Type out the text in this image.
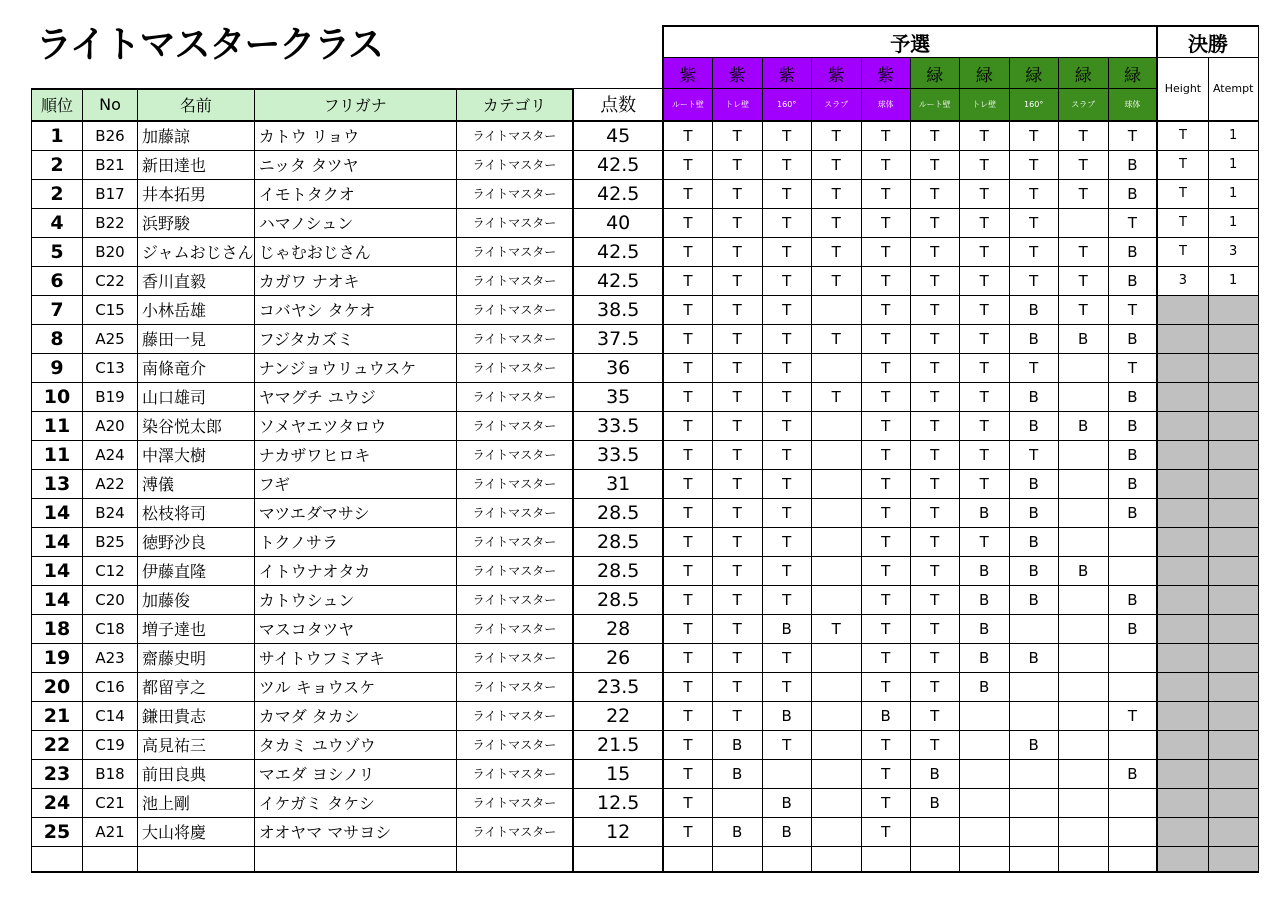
ライトマスタークラス
						予選										決勝	
						紫	紫	紫	紫	紫	緑	緑	緑	緑	緑	Height	Atempt
順位	No	名前	フリガナ	カテゴリ	点数	ルート壁	トレ壁	160°	スラブ	球体	ルート壁	トレ壁	160°	スラブ	球体		
1	B26	加藤諒	カトウ リョウ	ライトマスター	45	T	T	T	T	T	T	T	T	T	T	T	1
2	B21	新田達也	ニッタ タツヤ	ライトマスター	42.5	T	T	T	T	T	T	T	T	T	B	T	1
2	B17	井本拓男	イモトタクオ	ライトマスター	42.5	T	T	T	T	T	T	T	T	T	B	T	1
4	B22	浜野駿	ハマノシュン	ライトマスター	40	T	T	T	T	T	T	T	T		T	T	1
5	B20	ジャムおじさん	じゃむおじさん	ライトマスター	42.5	T	T	T	T	T	T	T	T	T	B	T	3
6	C22	香川直毅	カガワ ナオキ	ライトマスター	42.5	T	T	T	T	T	T	T	T	T	B	3	1
7	C15	小林岳雄	コバヤシ タケオ	ライトマスター	38.5	T	T	T		T	T	T	B	T	T		
8	A25	藤田一見	フジタカズミ	ライトマスター	37.5	T	T	T	T	T	T	T	B	B	B		
9	C13	南條竜介	ナンジョウリュウスケ	ライトマスター	36	T	T	T		T	T	T	T		T		
10	B19	山口雄司	ヤマグチ ユウジ	ライトマスター	35	T	T	T	T	T	T	T	B		B		
11	A20	染谷悦太郎	ソメヤエツタロウ	ライトマスター	33.5	T	T	T		T	T	T	B	B	B		
11	A24	中澤大樹	ナカザワヒロキ	ライトマスター	33.5	T	T	T		T	T	T	T		B		
13	A22	溥儀	フギ	ライトマスター	31	T	T	T		T	T	T	B		B		
14	B24	松枝将司	マツエダマサシ	ライトマスター	28.5	T	T	T		T	T	B	B		B		
14	B25	徳野沙良	トクノサラ	ライトマスター	28.5	T	T	T		T	T	T	B				
14	C12	伊藤直隆	イトウナオタカ	ライトマスター	28.5	T	T	T		T	T	B	B	B			
14	C20	加藤俊	カトウシュン	ライトマスター	28.5	T	T	T		T	T	B	B		B		
18	C18	増子達也	マスコタツヤ	ライトマスター	28	T	T	B	T	T	T	B			B		
19	A23	齋藤史明	サイトウフミアキ	ライトマスター	26	T	T	T		T	T	B	B				
20	C16	都留亨之	ツル キョウスケ	ライトマスター	23.5	T	T	T		T	T	B					
21	C14	鎌田貴志	カマダ タカシ	ライトマスター	22	T	T	B		B	T				T		
22	C19	高見祐三	タカミ ユウゾウ	ライトマスター	21.5	T	B	T		T	T		B				
23	B18	前田良典	マエダ ヨシノリ	ライトマスター	15	T	B			T	B				B		
24	C21	池上剛	イケガミ タケシ	ライトマスター	12.5	T		B		T	B						
25	A21	大山将慶	オオヤマ マサヨシ	ライトマスター	12	T	B	B		T							
